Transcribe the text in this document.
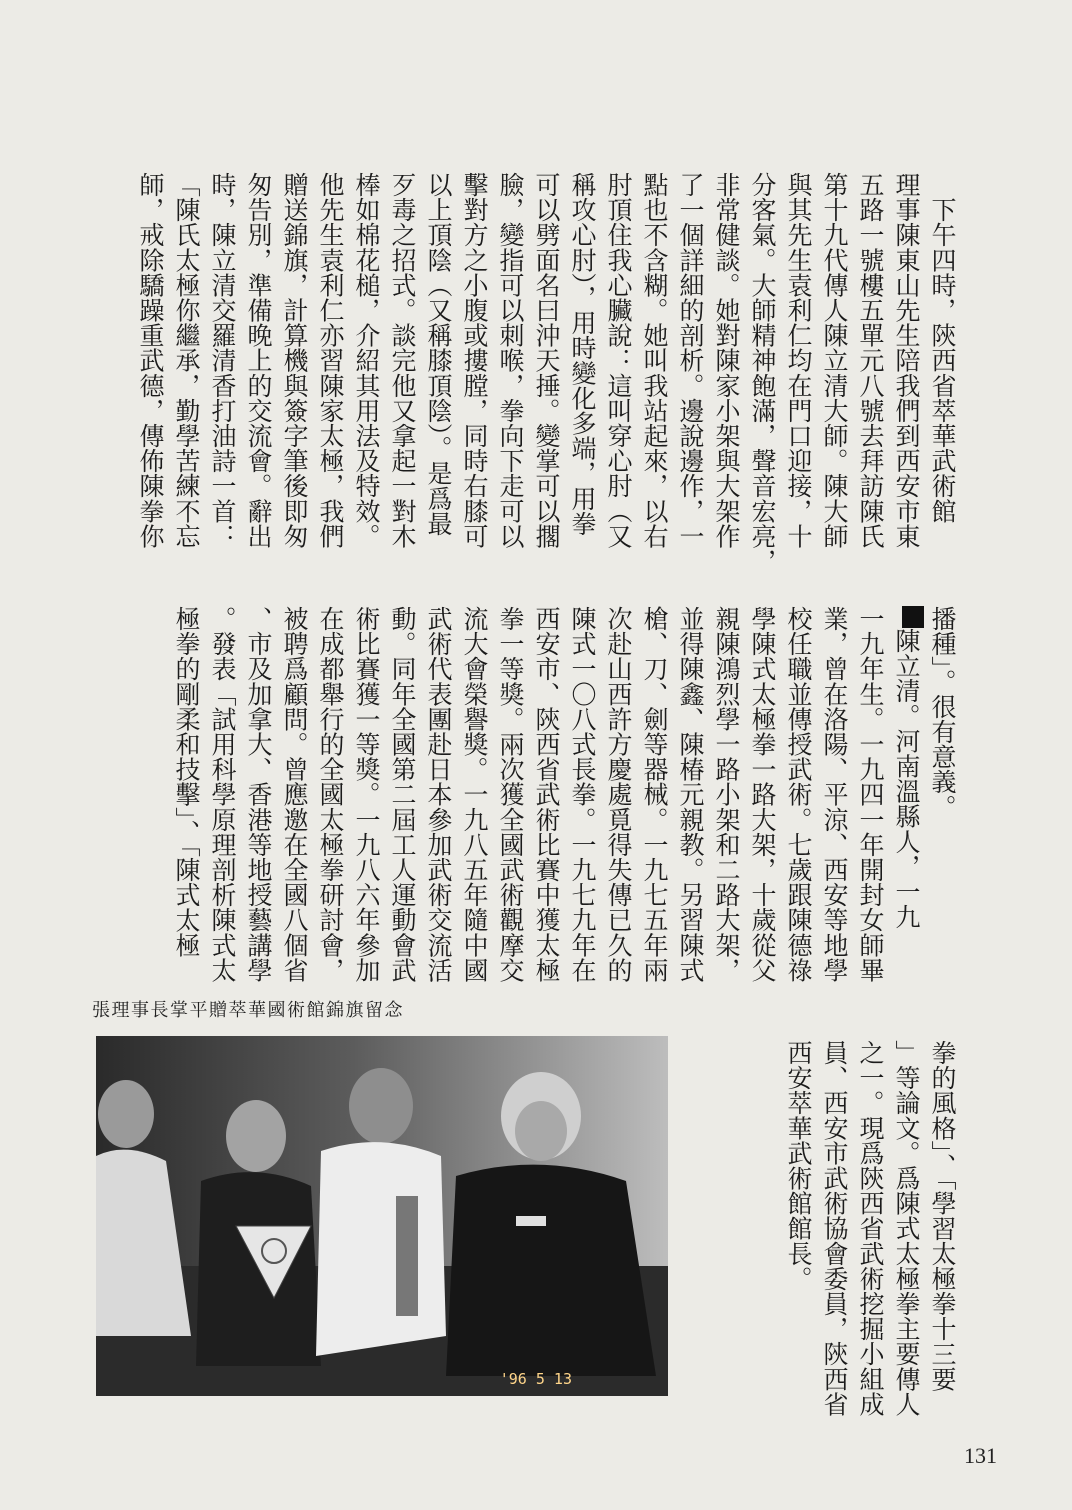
　下午四時，陝西省萃華武術館

理事陳東山先生陪我們到西安市東

五路一號樓五單元八號去拜訪陳氏

第十九代傳人陳立清大師。陳大師

與其先生袁利仁均在門口迎接，十

分客氣。大師精神飽滿，聲音宏亮，

非常健談。她對陳家小架與大架作

了一個詳細的剖析。邊說邊作，一

點也不含糊。她叫我站起來，以右

肘頂住我心臟說：這叫穿心肘（又

稱攻心肘），用時變化多端，用拳

可以劈面名曰沖天捶。變掌可以擱

臉，變指可以刺喉，拳向下走可以

擊對方之小腹或摟膛，同時右膝可

以上頂陰（又稱膝頂陰）。是爲最

歹毒之招式。談完他又拿起一對木

棒如棉花槌，介紹其用法及特效。

他先生袁利仁亦習陳家太極，我們

贈送錦旗，計算機與簽字筆後即匆

匆告別，準備晚上的交流會。辭出

時，陳立清交羅清香打油詩一首：

「陳氏太極你繼承，勤學苦練不忘

師，戒除驕躁重武德，傳佈陳拳你

播種」。很有意義。

陳立清。河南溫縣人，一九

一九年生。一九四一年開封女師畢

業，曾在洛陽、平涼、西安等地學

校任職並傳授武術。七歲跟陳德祿

學陳式太極拳一路大架，十歲從父

親陳鴻烈學一路小架和二路大架，

並得陳鑫、陳椿元親教。另習陳式

槍、刀、劍等器械。一九七五年兩

次赴山西許方慶處覓得失傳已久的

陳式一〇八式長拳。一九七九年在

西安市、陝西省武術比賽中獲太極

拳一等獎。兩次獲全國武術觀摩交

流大會榮譽獎。一九八五年隨中國

武術代表團赴日本參加武術交流活

動。同年全國第二屆工人運動會武

術比賽獲一等獎。一九八六年參加

在成都舉行的全國太極拳研討會，

被聘爲顧問。曾應邀在全國八個省

、市及加拿大、香港等地授藝講學

。發表「試用科學原理剖析陳式太

極拳的剛柔和技擊」、「陳式太極

拳的風格」、「學習太極拳十三要

」等論文。爲陳式太極拳主要傳人

之一。現爲陝西省武術挖掘小組成

員、西安市武術協會委員，陝西省

西安萃華武術館館長。

張理事長掌平贈萃華國術館錦旗留念
'96 5 13
131
